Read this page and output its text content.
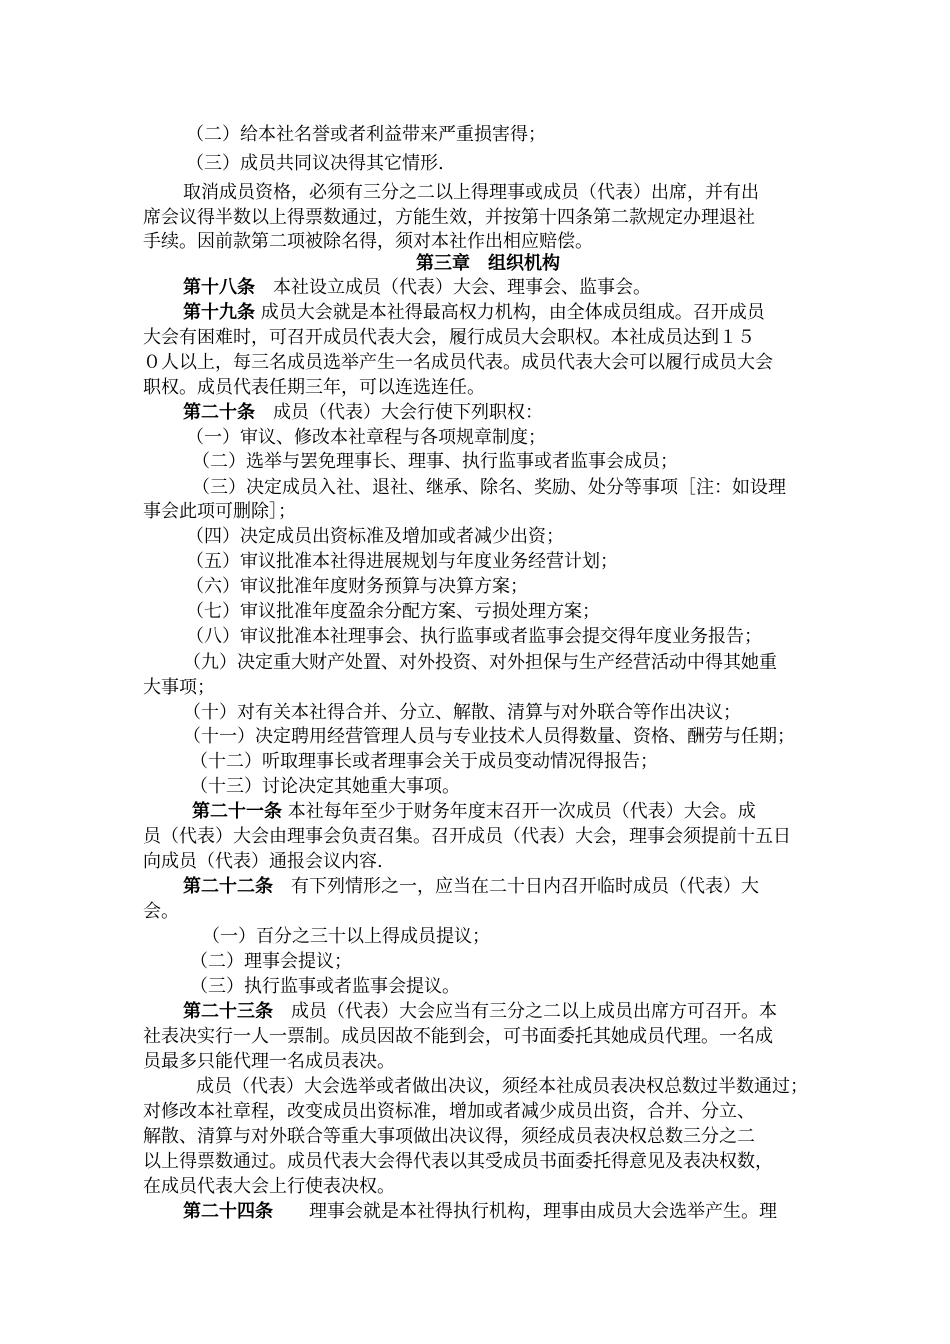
（二）给本社名誉或者利益带来严重损害得；
（三）成员共同议决得其它情形.
取消成员资格，必须有三分之二以上得理事或成员（代表）出席，并有出
席会议得半数以上得票数通过，方能生效，并按第十四条第二款规定办理退社
手续。因前款第二项被除名得，须对本社作出相应赔偿。
第三章　组织机构
第十八条　 本社设立成员（代表）大会、理事会、监事会。
第十九条 成员大会就是本社得最高权力机构，由全体成员组成。召开成员
大会有困难时，可召开成员代表大会，履行成员大会职权。本社成员达到１５
０人以上，每三名成员选举产生一名成员代表。成员代表大会可以履行成员大会
职权。成员代表任期三年，可以连选连任。
第二十条　 成员（代表）大会行使下列职权：
（一）审议、修改本社章程与各项规章制度；
（二）选举与罢免理事长、理事、执行监事或者监事会成员；
（三）决定成员入社、退社、继承、除名、奖励、处分等事项［注：如设理
事会此项可删除］；
（四）决定成员出资标准及增加或者减少出资；
（五）审议批准本社得进展规划与年度业务经营计划；
（六）审议批准年度财务预算与决算方案；
（七）审议批准年度盈余分配方案、亏损处理方案；
（八）审议批准本社理事会、执行监事或者监事会提交得年度业务报告；
（九）决定重大财产处置、对外投资、对外担保与生产经营活动中得其她重
大事项；
（十）对有关本社得合并、分立、解散、清算与对外联合等作出决议；
（十一）决定聘用经营管理人员与专业技术人员得数量、资格、酬劳与任期；
（十二）听取理事长或者理事会关于成员变动情况得报告；
（十三）讨论决定其她重大事项。
第二十一条 本社每年至少于财务年度末召开一次成员（代表）大会。成
员（代表）大会由理事会负责召集。召开成员（代表）大会，理事会须提前十五日
向成员（代表）通报会议内容.
第二十二条　 有下列情形之一，应当在二十日内召开临时成员（代表）大
会。
（一）百分之三十以上得成员提议；
（二）理事会提议；
（三）执行监事或者监事会提议。
第二十三条　 成员（代表）大会应当有三分之二以上成员出席方可召开。本
社表决实行一人一票制。成员因故不能到会，可书面委托其她成员代理。一名成
员最多只能代理一名成员表决。
成员（代表）大会选举或者做出决议，须经本社成员表决权总数过半数通过；
对修改本社章程，改变成员出资标准，增加或者减少成员出资，合并、分立、
解散、清算与对外联合等重大事项做出决议得，须经成员表决权总数三分之二
以上得票数通过。成员代表大会得代表以其受成员书面委托得意见及表决权数，
在成员代表大会上行使表决权。
第二十四条　　 理事会就是本社得执行机构，理事由成员大会选举产生。理
